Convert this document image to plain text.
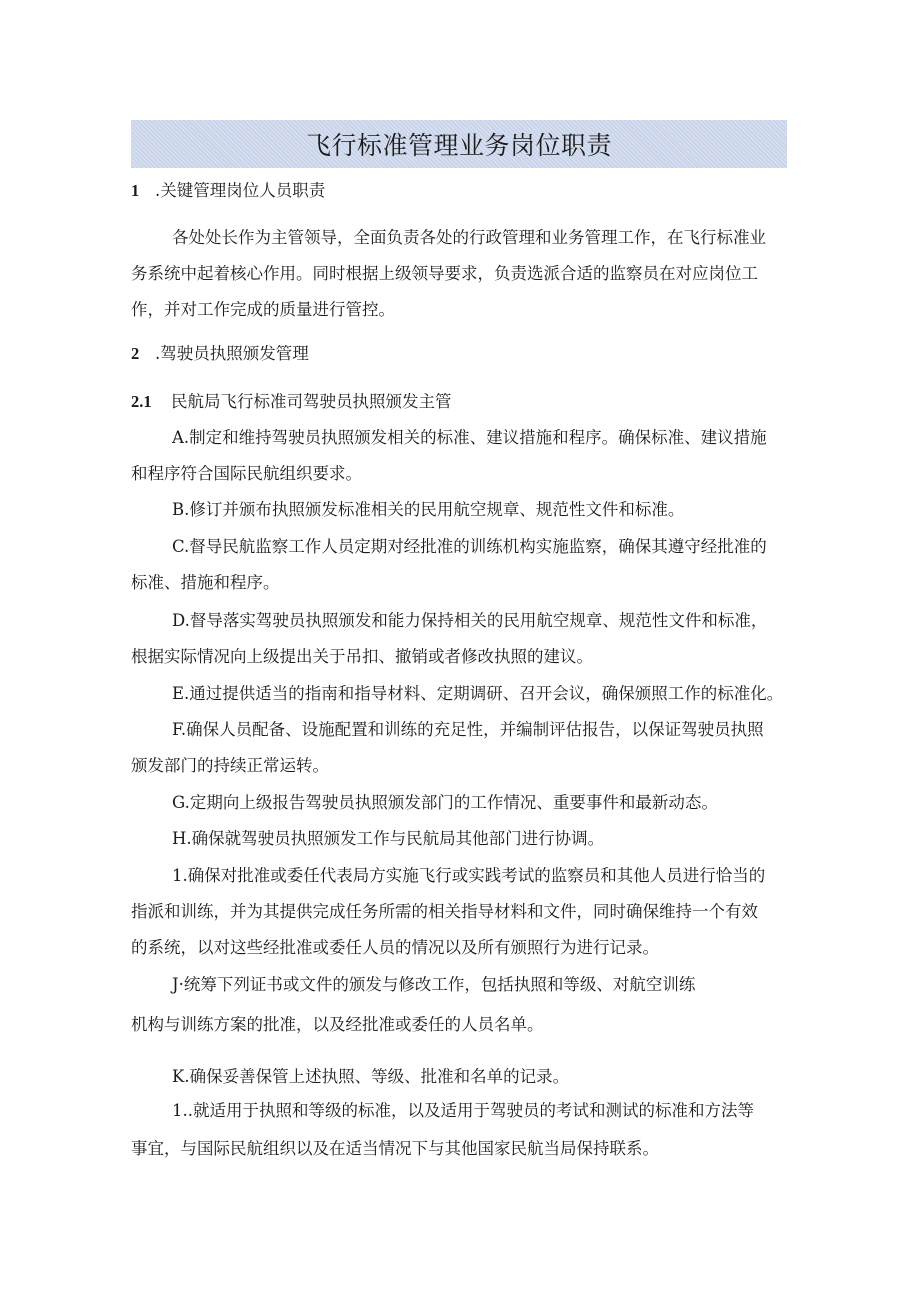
飞行标准管理业务岗位职责
1 .关键管理岗位人员职责
各处处长作为主管领导，全面负责各处的行政管理和业务管理工作，在飞行标准业
务系统中起着核心作用。同时根据上级领导要求，负责选派合适的监察员在对应岗位工
作，并对工作完成的质量进行管控。
2 .驾驶员执照颁发管理
2.1 民航局飞行标准司驾驶员执照颁发主管
A.制定和维持驾驶员执照颁发相关的标准、建议措施和程序。确保标准、建议措施
和程序符合国际民航组织要求。
B.修订并颁布执照颁发标准相关的民用航空规章、规范性文件和标准。
C.督导民航监察工作人员定期对经批准的训练机构实施监察，确保其遵守经批准的
标准、措施和程序。
D.督导落实驾驶员执照颁发和能力保持相关的民用航空规章、规范性文件和标准，
根据实际情况向上级提出关于吊扣、撤销或者修改执照的建议。
E.通过提供适当的指南和指导材料、定期调研、召开会议，确保颁照工作的标准化。
F.确保人员配备、设施配置和训练的充足性，并编制评估报告，以保证驾驶员执照
颁发部门的持续正常运转。
G.定期向上级报告驾驶员执照颁发部门的工作情况、重要事件和最新动态。
H.确保就驾驶员执照颁发工作与民航局其他部门进行协调。
1.确保对批准或委任代表局方实施飞行或实践考试的监察员和其他人员进行恰当的
指派和训练，并为其提供完成任务所需的相关指导材料和文件，同时确保维持一个有效
的系统，以对这些经批准或委任人员的情况以及所有颁照行为进行记录。
J·统筹下列证书或文件的颁发与修改工作，包括执照和等级、对航空训练
机构与训练方案的批准，以及经批准或委任的人员名单。
K.确保妥善保管上述执照、等级、批准和名单的记录。
1..就适用于执照和等级的标准，以及适用于驾驶员的考试和测试的标准和方法等
事宜，与国际民航组织以及在适当情况下与其他国家民航当局保持联系。
